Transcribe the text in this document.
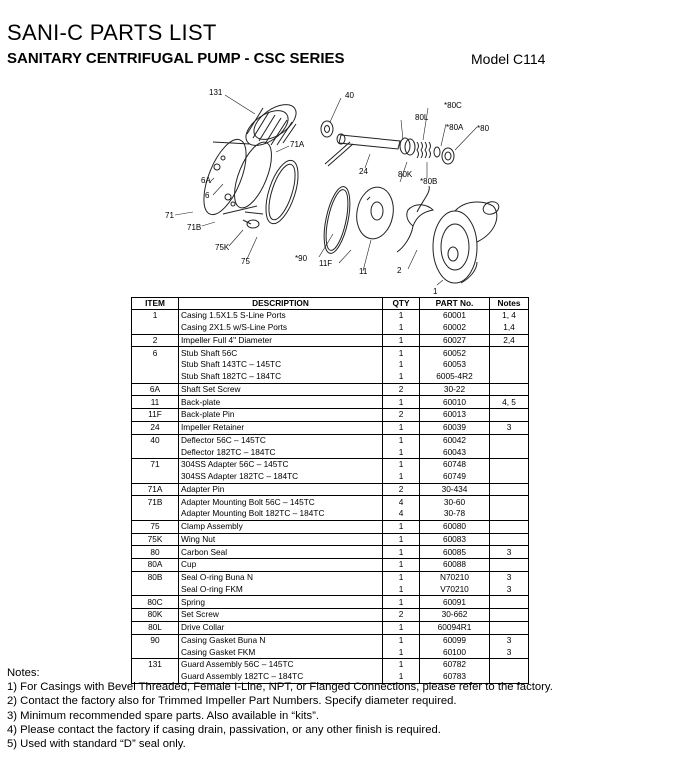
SANI-C PARTS LIST
SANITARY CENTRIFUGAL PUMP - CSC SERIES	Model C114
131	40
80L
*80C
*80A *80
71A
6A
6
24	80K
*80B
71
71B
75K
75	*90
11F
11	2
1
ITEM	DESCRIPTION	QTY	PART No.	Notes
1	Casing 1.5X1.5 S-Line Ports	1	60001	1, 4
	Casing 2X1.5 w/S-Line Ports	1	60002	1,4
2	Impeller Full 4" Diameter	1	60027	2,4
6	Stub Shaft 56C	1	60052	
	Stub Shaft 143TC – 145TC	1	60053	
	Stub Shaft 182TC – 184TC	1	6005-4R2	
6A	Shaft Set Screw	2	30-22	
11	Back-plate	1	60010	4, 5
11F	Back-plate Pin	2	60013	
24	Impeller Retainer	1	60039	3
40	Deflector 56C – 145TC	1	60042	
	Deflector 182TC – 184TC	1	60043	
71	304SS Adapter 56C – 145TC	1	60748	
	304SS Adapter 182TC – 184TC	1	60749	
71A	Adapter Pin	2	30-434	
71B	Adapter Mounting Bolt 56C – 145TC	4	30-60	
	Adapter Mounting Bolt 182TC – 184TC	4	30-78	
75	Clamp Assembly	1	60080	
75K	Wing Nut	1	60083	
80	Carbon Seal	1	60085	3
80A	Cup	1	60088	
80B	Seal O-ring Buna N	1	N70210	3
	Seal O-ring FKM	1	V70210	3
80C	Spring	1	60091	
80K	Set Screw	2	30-662	
80L	Drive Collar	1	60094R1	
90	Casing Gasket Buna N	1	60099	3
	Casing Gasket FKM	1	60100	3
131	Guard Assembly 56C – 145TC	1	60782	
	Guard Assembly 182TC – 184TC	1	60783	
Notes:
1) For Casings with Bevel Threaded, Female I-Line, NPT, or Flanged Connections, please refer to the factory.
2) Contact the factory also for Trimmed Impeller Part Numbers. Specify diameter required.
3) Minimum recommended spare parts. Also available in “kits”.
4) Please contact the factory if casing drain, passivation, or any other finish is required.
5) Used with standard “D” seal only.
